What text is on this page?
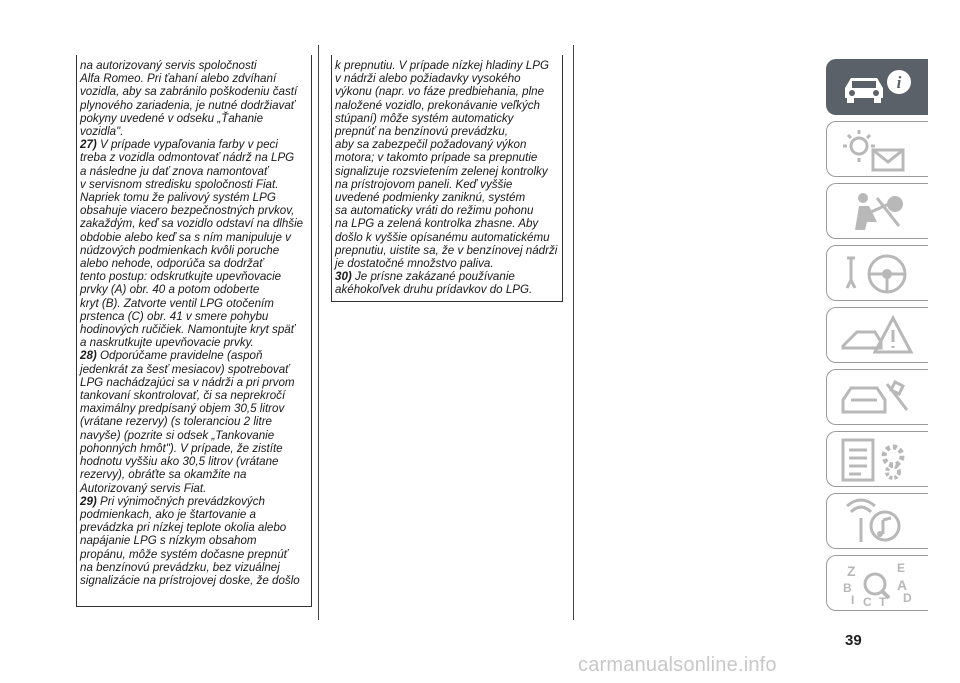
na autorizovaný servis spoločnosti
Alfa Romeo. Pri ťahaní alebo zdvíhaní
vozidla, aby sa zabránilo poškodeniu častí
plynového zariadenia, je nutné dodržiavať
pokyny uvedené v odseku „Ťahanie
vozidla".
27) V prípade vypaľovania farby v peci
treba z vozidla odmontovať nádrž na LPG
a následne ju dať znova namontovať
v servisnom stredisku spoločnosti Fiat.
Napriek tomu že palivový systém LPG
obsahuje viacero bezpečnostných prvkov,
zakaždým, keď sa vozidlo odstaví na dlhšie
obdobie alebo keď sa s ním manipuluje v
núdzových podmienkach kvôli poruche
alebo nehode, odporúča sa dodržať
tento postup: odskrutkujte upevňovacie
prvky (A) obr. 40 a potom odoberte
kryt (B). Zatvorte ventil LPG otočením
prstenca (C) obr. 41 v smere pohybu
hodinových ručičiek. Namontujte kryt späť
a naskrutkujte upevňovacie prvky.
28) Odporúčame pravidelne (aspoň
jedenkrát za šesť mesiacov) spotrebovať
LPG nachádzajúci sa v nádrži a pri prvom
tankovaní skontrolovať, či sa neprekročí
maximálny predpísaný objem 30,5 litrov
(vrátane rezervy) (s toleranciou 2 litre
navyše) (pozrite si odsek „Tankovanie
pohonných hmôt"). V prípade, že zistíte
hodnotu vyššiu ako 30,5 litrov (vrátane
rezervy), obráťte sa okamžite na
Autorizovaný servis Fiat.
29) Pri výnimočných prevádzkových
podmienkach, ako je štartovanie a
prevádzka pri nízkej teplote okolia alebo
napájanie LPG s nízkym obsahom
propánu, môže systém dočasne prepnúť
na benzínovú prevádzku, bez vizuálnej
signalizácie na prístrojovej doske, že došlo
k prepnutiu. V prípade nízkej hladiny LPG
v nádrži alebo požiadavky vysokého
výkonu (napr. vo fáze predbiehania, plne
naložené vozidlo, prekonávanie veľkých
stúpaní) môže systém automaticky
prepnúť na benzínovú prevádzku,
aby sa zabezpečil požadovaný výkon
motora; v takomto prípade sa prepnutie
signalizuje rozsvietením zelenej kontrolky
na prístrojovom paneli. Keď vyššie
uvedené podmienky zaniknú, systém
sa automaticky vráti do režimu pohonu
na LPG a zelená kontrolka zhasne. Aby
došlo k vyššie opísanému automatickému
prepnutiu, uistite sa, že v benzínovej nádrži
je dostatočné množstvo paliva.
30) Je prísne zakázané používanie
akéhokoľvek druhu prídavkov do LPG.
i
Z	E
B	A
I C T D
39
carmanualsonline.info
